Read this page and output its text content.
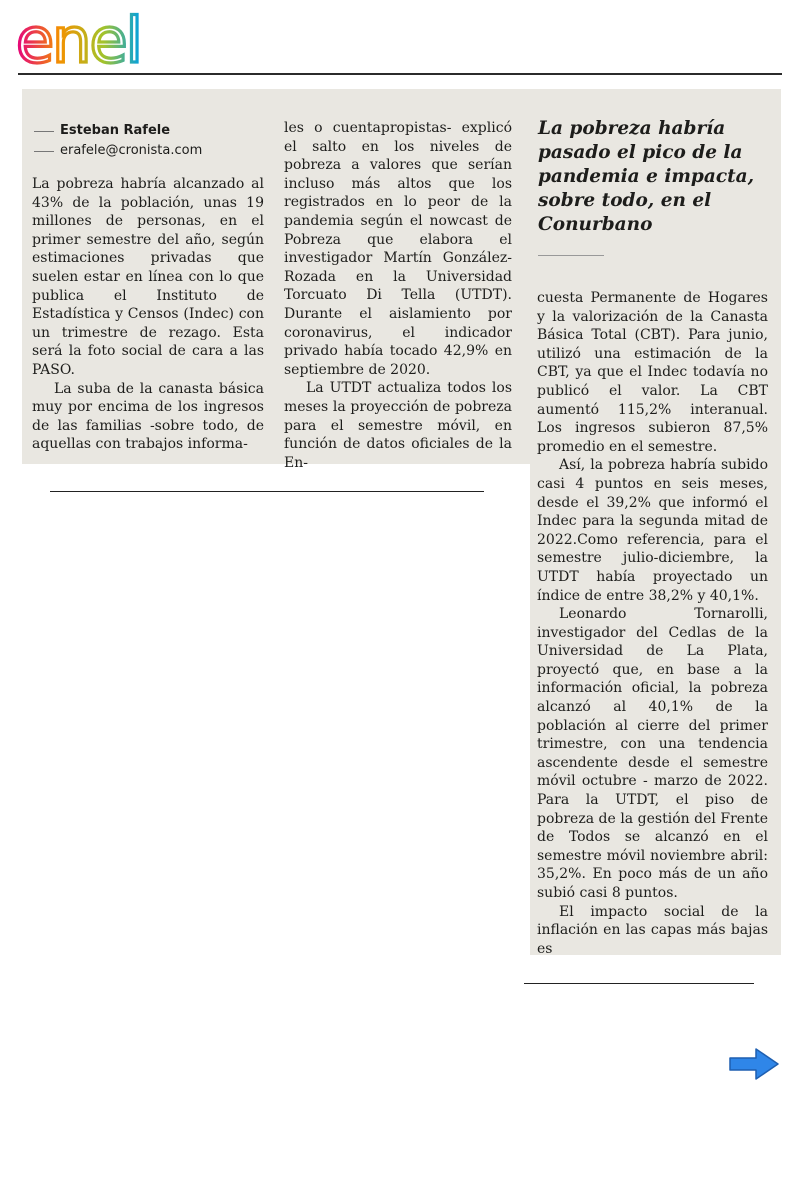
enel
Esteban Rafele
erafele@cronista.com

La pobreza habría alcanzado al 43% de la población, unas 19 millones de personas, en el primer semestre del año, según estimaciones privadas que suelen estar en línea con lo que publica el Instituto de Estadística y Censos (Indec) con un trimestre de rezago. Esta será la foto social de cara a las PASO.

La suba de la canasta básica muy por encima de los ingresos de las familias -sobre todo, de aquellas con trabajos informa-

les o cuentapropistas- explicó el salto en los niveles de pobreza a valores que serían incluso más altos que los registrados en lo peor de la pandemia según el nowcast de Pobreza que elabora el investigador Martín González-Rozada en la Universidad Torcuato Di Tella (UTDT). Durante el aislamiento por coronavirus, el indicador privado había tocado 42,9% en septiembre de 2020.

La UTDT actualiza todos los meses la proyección de pobreza para el semestre móvil, en función de datos oficiales de la En-

La pobreza habría pasado el pico de la pandemia e impacta, sobre todo, en el Conurbano

cuesta Permanente de Hogares y la valorización de la Canasta Básica Total (CBT). Para junio, utilizó una estimación de la CBT, ya que el Indec todavía no publicó el valor. La CBT aumentó 115,2% interanual. Los ingresos subieron 87,5% promedio en el semestre.

Así, la pobreza habría subido casi 4 puntos en seis meses, desde el 39,2% que informó el Indec para la segunda mitad de 2022.Como referencia, para el semestre julio-diciembre, la UTDT había proyectado un índice de entre 38,2% y 40,1%.

Leonardo Tornarolli, investigador del Cedlas de la Universidad de La Plata, proyectó que, en base a la información oficial, la pobreza alcanzó al 40,1% de la población al cierre del primer trimestre, con una tendencia ascendente desde el semestre móvil octubre - marzo de 2022. Para la UTDT, el piso de pobreza de la gestión del Frente de Todos se alcanzó en el semestre móvil noviembre abril: 35,2%. En poco más de un año subió casi 8 puntos.

El impacto social de la inflación en las capas más bajas es
